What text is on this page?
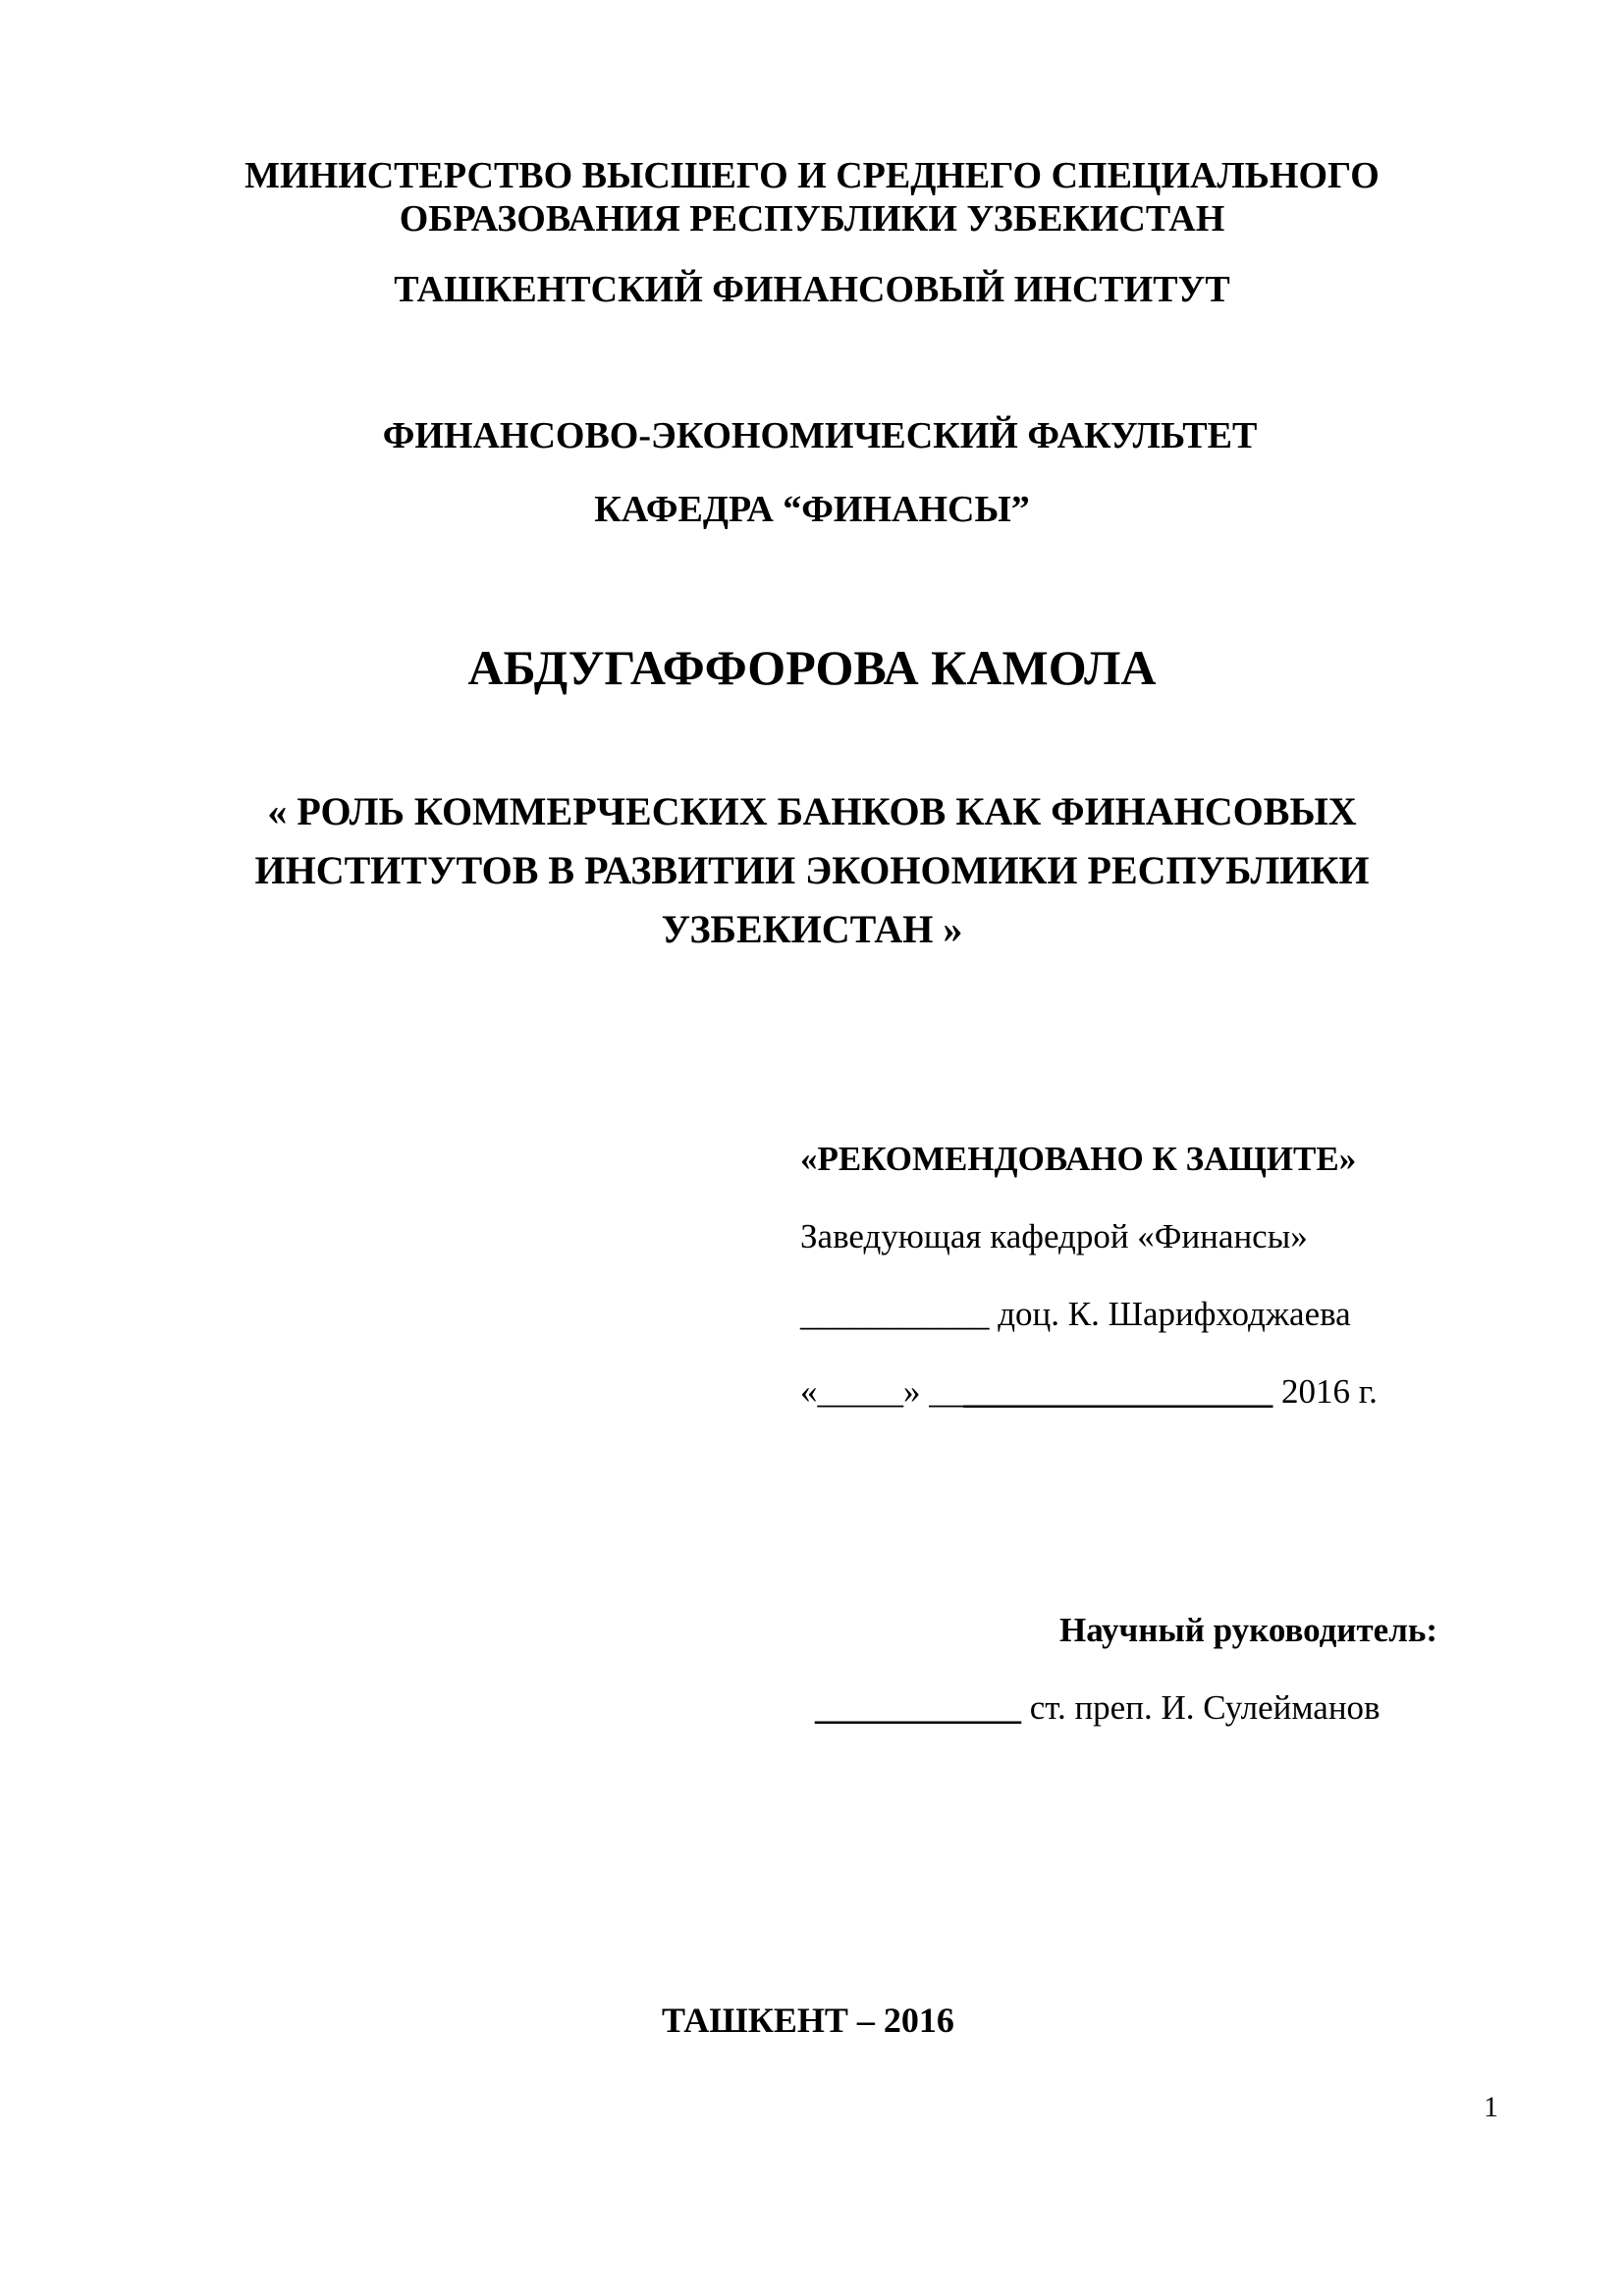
МИНИСТЕРСТВО ВЫСШЕГО И СРЕДНЕГО СПЕЦИАЛЬНОГО
ОБРАЗОВАНИЯ РЕСПУБЛИКИ УЗБЕКИСТАН
ТАШКЕНТСКИЙ ФИНАНСОВЫЙ ИНСТИТУТ
ФИНАНСОВО-ЭКОНОМИЧЕСКИЙ ФАКУЛЬТЕТ
КАФЕДРА “ФИНАНСЫ”
АБДУГАФФОРОВА КАМОЛА
« РОЛЬ КОММЕРЧЕСКИХ БАНКОВ КАК ФИНАНСОВЫХ
ИНСТИТУТОВ В РАЗВИТИИ ЭКОНОМИКИ РЕСПУБЛИКИ
УЗБЕКИСТАН »
«РЕКОМЕНДОВАНО К ЗАЩИТЕ»
Заведующая кафедрой «Финансы»
___________ доц. К. Шарифходжаева
«_____» ____________________ 2016 г.
Научный руководитель:
____________ ст. преп. И. Сулейманов
ТАШКЕНТ – 2016
1
